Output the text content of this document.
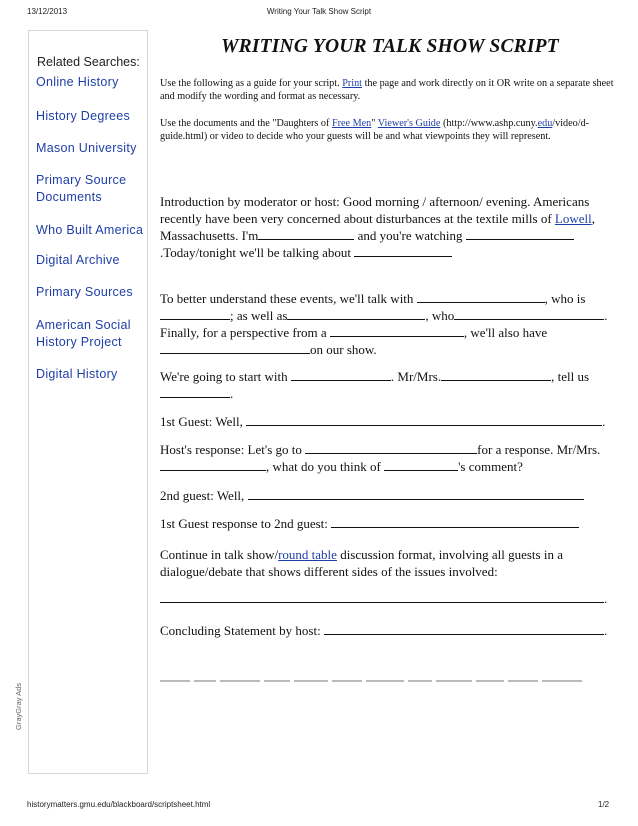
13/12/2013	Writing Your Talk Show Script
Related Searches:
Online History
History Degrees
Mason University
Primary Source Documents
Who Built America
Digital Archive
Primary Sources
American Social History Project
Digital History
GrayGray Ads
WRITING YOUR TALK SHOW SCRIPT
Use the following as a guide for your script. Print the page and work directly on it OR write on a separate sheet and modify the wording and format as necessary.
Use the documents and the "Daughters of Free Men" Viewer's Guide (http://www.ashp.cuny.edu/video/d-guide.html) or video to decide who your guests will be and what viewpoints they will represent.
Introduction by moderator or host: Good morning / afternoon/ evening. Americans recently have been very concerned about disturbances at the textile mills of Lowell, Massachusetts. I'm	and you're watching .Today/tonight we'll be talking about
To better understand these events, we'll talk with	, who is; as well as	, who	. Finally, for a perspective from a	, we'll also haveon our show.
We're going to start with	. Mr/Mrs.	, tell us .
1st Guest: Well,	.
Host's response: Let's go to	for a response. Mr/Mrs., what do you think of	's comment?
2nd guest: Well,
1st Guest response to 2nd guest:
Continue in talk show/round table discussion format, involving all guests in a dialogue/debate that shows different sides of the issues involved:
.
Concluding Statement by host:	.
historymatters.gmu.edu/blackboard/scriptsheet.html	1/2
